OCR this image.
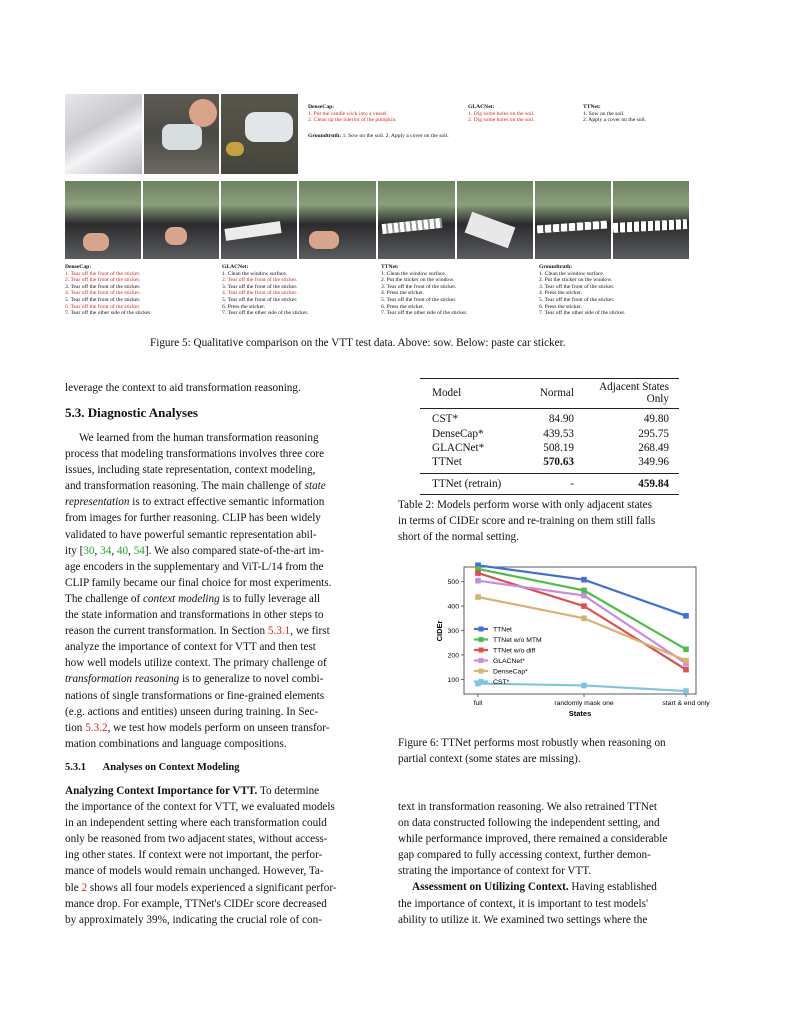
DenseCap:
1. Put the candle wick into a vessel.
2. Clean up the interior of the pumpkin.
GLACNet:
1. Dig some holes on the soil.
2. Dig some holes on the soil.
TTNet:
1. Sow on the soil.
2. Apply a cover on the soil.
Groundtruth: 1. Sow on the soil. 2. Apply a cover on the soil.
DenseCap:
1. Tear off the front of the sticker.
2. Tear off the front of the sticker.
3. Tear off the front of the sticker.
4. Tear off the front of the sticker.
5. Tear off the front of the sticker.
6. Tear off the front of the sticker.
7. Tear off the other side of the sticker.
GLACNet:
1. Clean the window surface.
2. Tear off the front of the sticker.
3. Tear off the front of the sticker.
4. Tear off the front of the sticker.
5. Tear off the front of the sticker.
6. Press the sticker.
7. Tear off the other side of the sticker.
TTNet:
1. Clean the window surface.
2. Put the sticker on the window.
3. Tear off the front of the sticker.
4. Press the sticker.
5. Tear off the front of the sticker.
6. Press the sticker.
7. Tear off the other side of the sticker.
Groundtruth:
1. Clean the window surface.
2. Put the sticker on the window.
3. Tear off the front of the sticker.
4. Press the sticker.
5. Tear off the front of the sticker.
6. Press the sticker.
7. Tear off the other side of the sticker.
Figure 5: Qualitative comparison on the VTT test data. Above: sow. Below: paste car sticker.
leverage the context to aid transformation reasoning.
5.3. Diagnostic Analyses
We learned from the human transformation reasoning
process that modeling transformations involves three core
issues, including state representation, context modeling,
and transformation reasoning. The main challenge of state
representation is to extract effective semantic information
from images for further reasoning. CLIP has been widely
validated to have powerful semantic representation abil-
ity [30, 34, 40, 54]. We also compared state-of-the-art im-
age encoders in the supplementary and ViT-L/14 from the
CLIP family became our final choice for most experiments.
The challenge of context modeling is to fully leverage all
the state information and transformations in other steps to
reason the current transformation. In Section 5.3.1, we first
analyze the importance of context for VTT and then test
how well models utilize context. The primary challenge of
transformation reasoning is to generalize to novel combi-
nations of single transformations or fine-grained elements
(e.g. actions and entities) unseen during training. In Sec-
tion 5.3.2, we test how models perform on unseen transfor-
mation combinations and language compositions.
5.3.1 Analyses on Context Modeling
Analyzing Context Importance for VTT. To determine
the importance of the context for VTT, we evaluated models
in an independent setting where each transformation could
only be reasoned from two adjacent states, without access-
ing other states. If context were not important, the perfor-
mance of models would remain unchanged. However, Ta-
ble 2 shows all four models experienced a significant perfor-
mance drop. For example, TTNet's CIDEr score decreased
by approximately 39%, indicating the crucial role of con-
Model	Normal	Adjacent States Only
CST*	84.90	49.80
DenseCap*	439.53	295.75
GLACNet*	508.19	268.49
TTNet	570.63	349.96
TTNet (retrain)	-	459.84
Table 2: Models perform worse with only adjacent states
in terms of CIDEr score and re-training on them still falls
short of the normal setting.
CIDEr
States
100
200
300
400
500
full	randomly mask one	start & end only
TTNet
TTNet w/o MTM
TTNet w/o diff
GLACNet*
DenseCap*
CST*
Figure 6: TTNet performs most robustly when reasoning on
partial context (some states are missing).
text in transformation reasoning. We also retrained TTNet
on data constructed following the independent setting, and
while performance improved, there remained a considerable
gap compared to fully accessing context, further demon-
strating the importance of context for VTT.
Assessment on Utilizing Context. Having established
the importance of context, it is important to test models'
ability to utilize it. We examined two settings where the
